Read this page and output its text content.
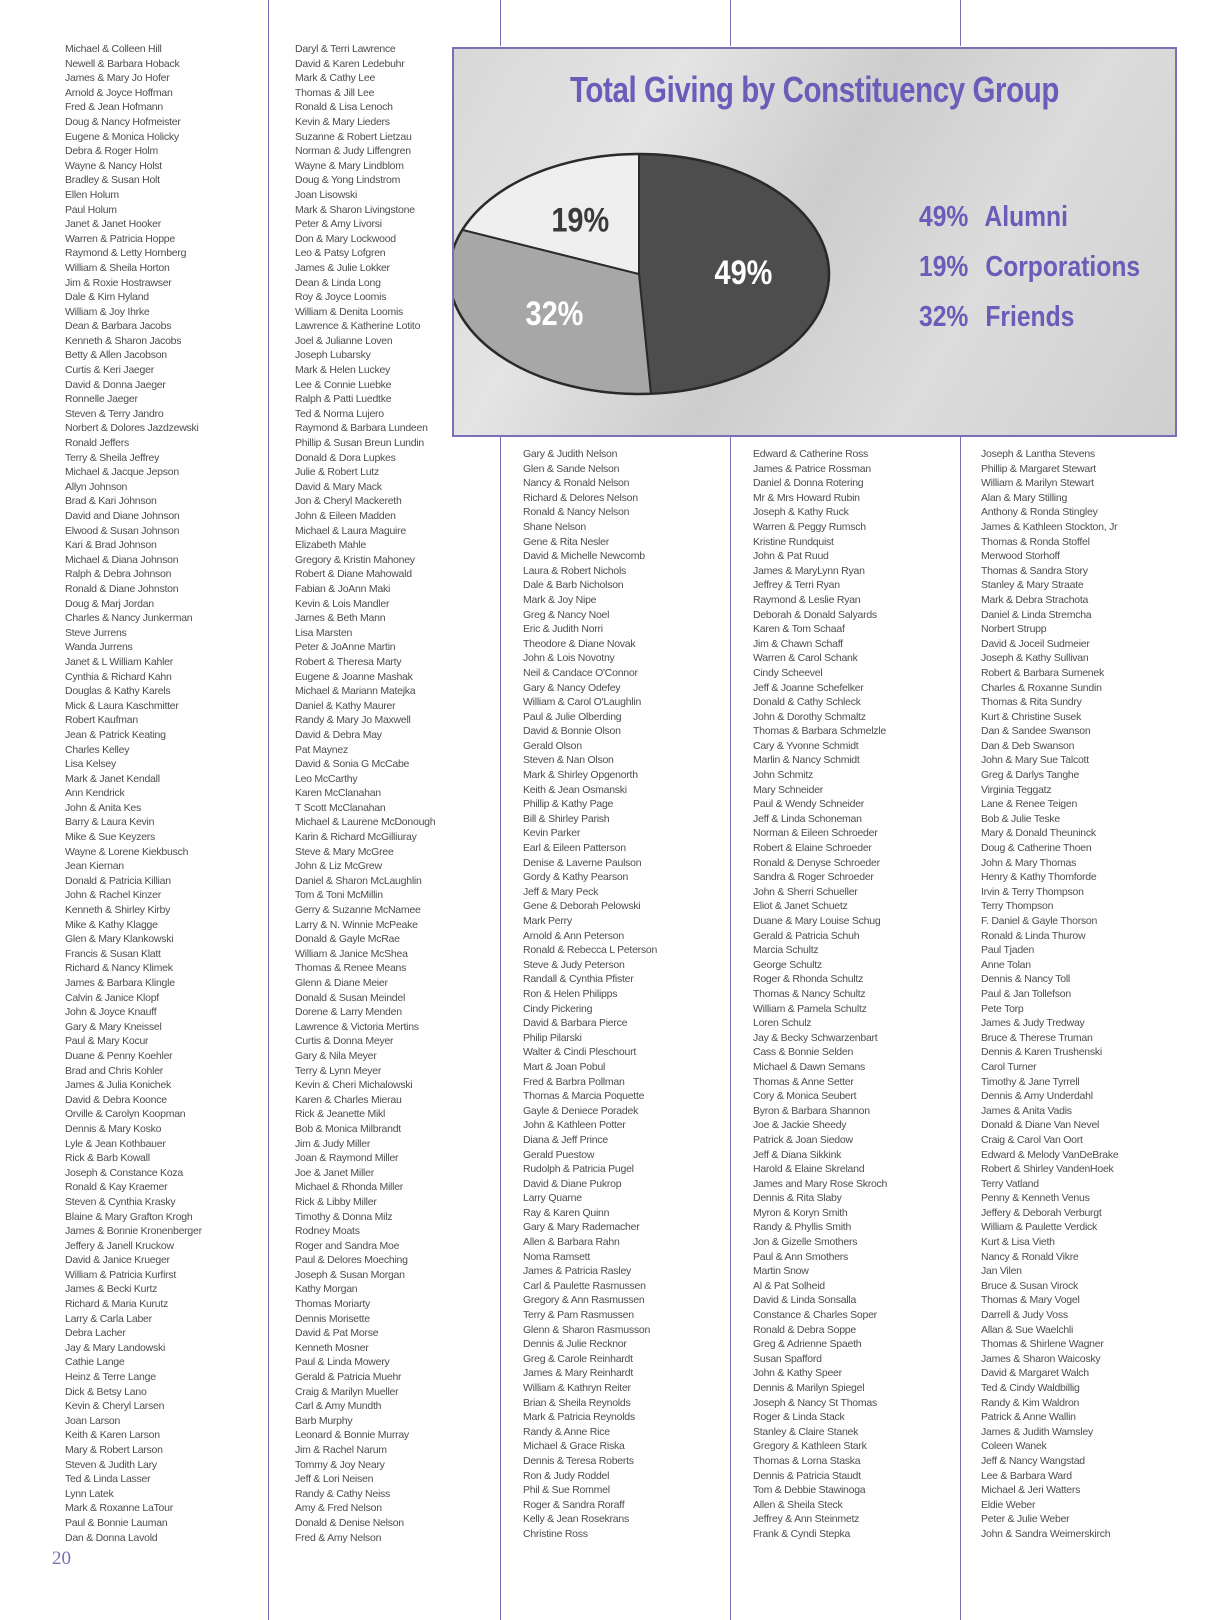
Michael & Colleen Hill
Newell & Barbara Hoback
James & Mary Jo Hofer
Arnold & Joyce Hoffman
Fred & Jean Hofmann
Doug & Nancy Hofmeister
Eugene & Monica Holicky
Debra & Roger Holm
Wayne & Nancy Holst
Bradley & Susan Holt
Ellen Holum
Paul Holum
Janet & Janet Hooker
Warren & Patricia Hoppe
Raymond & Letty Hornberg
William & Sheila Horton
Jim & Roxie Hostrawser
Dale & Kim Hyland
William & Joy Ihrke
Dean & Barbara Jacobs
Kenneth & Sharon Jacobs
Betty & Allen Jacobson
Curtis & Keri Jaeger
David & Donna Jaeger
Ronnelle Jaeger
Steven & Terry Jandro
Norbert & Dolores Jazdzewski
Ronald Jeffers
Terry & Sheila Jeffrey
Michael & Jacque Jepson
Allyn Johnson
Brad & Kari Johnson
David and Diane Johnson
Elwood & Susan Johnson
Kari & Brad Johnson
Michael & Diana Johnson
Ralph & Debra Johnson
Ronald & Diane Johnston
Doug & Marj Jordan
Charles & Nancy Junkerman
Steve Jurrens
Wanda Jurrens
Janet & L William Kahler
Cynthia & Richard Kahn
Douglas & Kathy Karels
Mick & Laura Kaschmitter
Robert Kaufman
Jean & Patrick Keating
Charles Kelley
Lisa Kelsey
Mark & Janet Kendall
Ann Kendrick
John & Anita Kes
Barry & Laura Kevin
Mike & Sue Keyzers
Wayne & Lorene Kiekbusch
Jean Kiernan
Donald & Patricia Killian
John & Rachel Kinzer
Kenneth & Shirley Kirby
Mike & Kathy Klagge
Glen & Mary Klankowski
Francis & Susan Klatt
Richard & Nancy Klimek
James & Barbara Klingle
Calvin & Janice Klopf
John & Joyce Knauff
Gary & Mary Kneissel
Paul & Mary Kocur
Duane & Penny Koehler
Brad and Chris Kohler
James & Julia Konichek
David & Debra Koonce
Orville & Carolyn Koopman
Dennis & Mary Kosko
Lyle & Jean Kothbauer
Rick & Barb Kowall
Joseph & Constance Koza
Ronald & Kay Kraemer
Steven & Cynthia Krasky
Blaine & Mary Grafton Krogh
James & Bonnie Kronenberger
Jeffery & Janell Kruckow
David & Janice Krueger
William & Patricia Kurfirst
James & Becki Kurtz
Richard & Maria Kurutz
Larry & Carla Laber
Debra Lacher
Jay & Mary Landowski
Cathie Lange
Heinz & Terre Lange
Dick & Betsy Lano
Kevin & Cheryl Larsen
Joan Larson
Keith & Karen Larson
Mary & Robert Larson
Steven & Judith Lary
Ted & Linda Lasser
Lynn Latek
Mark & Roxanne LaTour
Paul & Bonnie Lauman
Dan & Donna Lavold
Daryl & Terri Lawrence
David & Karen Ledebuhr
Mark & Cathy Lee
Thomas & Jill Lee
Ronald & Lisa Lenoch
Kevin & Mary Lieders
Suzanne & Robert Lietzau
Norman & Judy Liffengren
Wayne & Mary Lindblom
Doug & Yong Lindstrom
Joan Lisowski
Mark & Sharon Livingstone
Peter & Amy Livorsi
Don & Mary Lockwood
Leo & Patsy Lofgren
James & Julie Lokker
Dean & Linda Long
Roy & Joyce Loomis
William & Denita Loomis
Lawrence & Katherine Lotito
Joel & Julianne Loven
Joseph Lubarsky
Mark & Helen Luckey
Lee & Connie Luebke
Ralph & Patti Luedtke
Ted & Norma Lujero
Raymond & Barbara Lundeen
Phillip & Susan Breun Lundin
Donald & Dora Lupkes
Julie & Robert Lutz
David & Mary Mack
Jon & Cheryl Mackereth
John & Eileen Madden
Michael & Laura Maguire
Elizabeth Mahle
Gregory & Kristin Mahoney
Robert & Diane Mahowald
Fabian & JoAnn Maki
Kevin & Lois Mandler
James & Beth Mann
Lisa Marsten
Peter & JoAnne Martin
Robert & Theresa Marty
Eugene & Joanne Mashak
Michael & Mariann Matejka
Daniel & Kathy Maurer
Randy & Mary Jo Maxwell
David & Debra May
Pat Maynez
David & Sonia G McCabe
Leo McCarthy
Karen McClanahan
T Scott McClanahan
Michael & Laurene McDonough
Karin & Richard McGilliuray
Steve & Mary McGree
John & Liz McGrew
Daniel & Sharon McLaughlin
Tom & Toni McMillin
Gerry & Suzanne McNamee
Larry & N. Winnie McPeake
Donald & Gayle McRae
William & Janice McShea
Thomas & Renee Means
Glenn & Diane Meier
Donald & Susan Meindel
Dorene & Larry Menden
Lawrence & Victoria Mertins
Curtis & Donna Meyer
Gary & Nila Meyer
Terry & Lynn Meyer
Kevin & Cheri Michalowski
Karen & Charles Mierau
Rick & Jeanette Mikl
Bob & Monica Milbrandt
Jim & Judy Miller
Joan & Raymond Miller
Joe & Janet Miller
Michael & Rhonda Miller
Rick & Libby Miller
Timothy & Donna Milz
Rodney Moats
Roger and Sandra Moe
Paul & Delores Moeching
Joseph & Susan Morgan
Kathy Morgan
Thomas Moriarty
Dennis Morisette
David & Pat Morse
Kenneth Mosner
Paul & Linda Mowery
Gerald & Patricia Muehr
Craig & Marilyn Mueller
Carl & Amy Mundth
Barb Murphy
Leonard & Bonnie Murray
Jim & Rachel Narum
Tommy & Joy Neary
Jeff & Lori Neisen
Randy & Cathy Neiss
Amy & Fred Nelson
Donald & Denise Nelson
Fred & Amy Nelson
Gary & Judith Nelson
Glen & Sande Nelson
Nancy & Ronald Nelson
Richard & Delores Nelson
Ronald & Nancy Nelson
Shane Nelson
Gene & Rita Nesler
David & Michelle Newcomb
Laura & Robert Nichols
Dale & Barb Nicholson
Mark & Joy Nipe
Greg & Nancy Noel
Eric & Judith Norri
Theodore & Diane Novak
John & Lois Novotny
Neil & Candace O'Connor
Gary & Nancy Odefey
William & Carol O'Laughlin
Paul & Julie Olberding
David & Bonnie Olson
Gerald Olson
Steven & Nan Olson
Mark & Shirley Opgenorth
Keith & Jean Osmanski
Phillip & Kathy Page
Bill & Shirley Parish
Kevin Parker
Earl & Eileen Patterson
Denise & Laverne Paulson
Gordy & Kathy Pearson
Jeff & Mary Peck
Gene & Deborah Pelowski
Mark Perry
Arnold & Ann Peterson
Ronald & Rebecca L Peterson
Steve & Judy Peterson
Randall & Cynthia Pfister
Ron & Helen Philipps
Cindy Pickering
David & Barbara Pierce
Philip Pilarski
Walter & Cindi Pleschourt
Mart & Joan Pobul
Fred & Barbra Pollman
Thomas & Marcia Poquette
Gayle & Deniece Poradek
John & Kathleen Potter
Diana & Jeff Prince
Gerald Puestow
Rudolph & Patricia Pugel
David & Diane Pukrop
Larry Quarne
Ray & Karen Quinn
Gary & Mary Rademacher
Allen & Barbara Rahn
Noma Ramsett
James & Patricia Rasley
Carl & Paulette Rasmussen
Gregory & Ann Rasmussen
Terry & Pam Rasmussen
Glenn & Sharon Rasmusson
Dennis & Julie Recknor
Greg & Carole Reinhardt
James & Mary Reinhardt
William & Kathryn Reiter
Brian & Sheila Reynolds
Mark & Patricia Reynolds
Randy & Anne Rice
Michael & Grace Riska
Dennis & Teresa Roberts
Ron & Judy Roddel
Phil & Sue Rommel
Roger & Sandra Roraff
Kelly & Jean Rosekrans
Christine Ross
Edward & Catherine Ross
James & Patrice Rossman
Daniel & Donna Rotering
Mr & Mrs Howard Rubin
Joseph & Kathy Ruck
Warren & Peggy Rumsch
Kristine Rundquist
John & Pat Ruud
James & MaryLynn Ryan
Jeffrey & Terri Ryan
Raymond & Leslie Ryan
Deborah & Donald Salyards
Karen & Tom Schaaf
Jim & Chawn Schaff
Warren & Carol Schank
Cindy Scheevel
Jeff & Joanne Schefelker
Donald & Cathy Schleck
John & Dorothy Schmaltz
Thomas & Barbara Schmelzle
Cary & Yvonne Schmidt
Marlin & Nancy Schmidt
John Schmitz
Mary Schneider
Paul & Wendy Schneider
Jeff & Linda Schoneman
Norman & Eileen Schroeder
Robert & Elaine Schroeder
Ronald & Denyse Schroeder
Sandra & Roger Schroeder
John & Sherri Schueller
Eliot & Janet Schuetz
Duane & Mary Louise Schug
Gerald & Patricia Schuh
Marcia Schultz
George Schultz
Roger & Rhonda Schultz
Thomas & Nancy Schultz
William & Pamela Schultz
Loren Schulz
Jay & Becky Schwarzenbart
Cass & Bonnie Selden
Michael & Dawn Semans
Thomas & Anne Setter
Cory & Monica Seubert
Byron & Barbara Shannon
Joe & Jackie Sheedy
Patrick & Joan Siedow
Jeff & Diana Sikkink
Harold & Elaine Skreland
James and Mary Rose Skroch
Dennis & Rita Slaby
Myron & Koryn Smith
Randy & Phyllis Smith
Jon & Gizelle Smothers
Paul & Ann Smothers
Martin Snow
Al & Pat Solheid
David & Linda Sonsalla
Constance & Charles Soper
Ronald & Debra Soppe
Greg & Adrienne Spaeth
Susan Spafford
John & Kathy Speer
Dennis & Marilyn Spiegel
Joseph & Nancy St Thomas
Roger & Linda Stack
Stanley & Claire Stanek
Gregory & Kathleen Stark
Thomas & Lorna Staska
Dennis & Patricia Staudt
Tom & Debbie Stawinoga
Allen & Sheila Steck
Jeffrey & Ann Steinmetz
Frank & Cyndi Stepka
Joseph & Lantha Stevens
Phillip & Margaret Stewart
William & Marilyn Stewart
Alan & Mary Stilling
Anthony & Ronda Stingley
James & Kathleen Stockton, Jr
Thomas & Ronda Stoffel
Merwood Storhoff
Thomas & Sandra Story
Stanley & Mary Straate
Mark & Debra Strachota
Daniel & Linda Stremcha
Norbert Strupp
David & Joceil Sudmeier
Joseph & Kathy Sullivan
Robert & Barbara Sumenek
Charles & Roxanne Sundin
Thomas & Rita Sundry
Kurt & Christine Susek
Dan & Sandee Swanson
Dan & Deb Swanson
John & Mary Sue Talcott
Greg & Darlys Tanghe
Virginia Teggatz
Lane & Renee Teigen
Bob & Julie Teske
Mary & Donald Theuninck
Doug & Catherine Thoen
John & Mary Thomas
Henry & Kathy Thomforde
Irvin & Terry Thompson
Terry Thompson
F. Daniel & Gayle Thorson
Ronald & Linda Thurow
Paul Tjaden
Anne Tolan
Dennis & Nancy Toll
Paul & Jan Tollefson
Pete Torp
James & Judy Tredway
Bruce & Therese Truman
Dennis & Karen Trushenski
Carol Turner
Timothy & Jane Tyrrell
Dennis & Amy Underdahl
James & Anita Vadis
Donald & Diane Van Nevel
Craig & Carol Van Oort
Edward & Melody VanDeBrake
Robert & Shirley VandenHoek
Terry Vatland
Penny & Kenneth Venus
Jeffery & Deborah Verburgt
William & Paulette Verdick
Kurt & Lisa Vieth
Nancy & Ronald Vikre
Jan Vilen
Bruce & Susan Virock
Thomas & Mary Vogel
Darrell & Judy Voss
Allan & Sue Waelchli
Thomas & Shirlene Wagner
James & Sharon Waicosky
David & Margaret Walch
Ted & Cindy Waldbillig
Randy & Kim Waldron
Patrick & Anne Wallin
James & Judith Wamsley
Coleen Wanek
Jeff & Nancy Wangstad
Lee & Barbara Ward
Michael & Jeri Watters
Eldie Weber
Peter & Julie Weber
John & Sandra Weimerskirch
20
Total Giving by Constituency Group
49%
32%
19%	49% Alumni
19% Corporations
32% Friends
